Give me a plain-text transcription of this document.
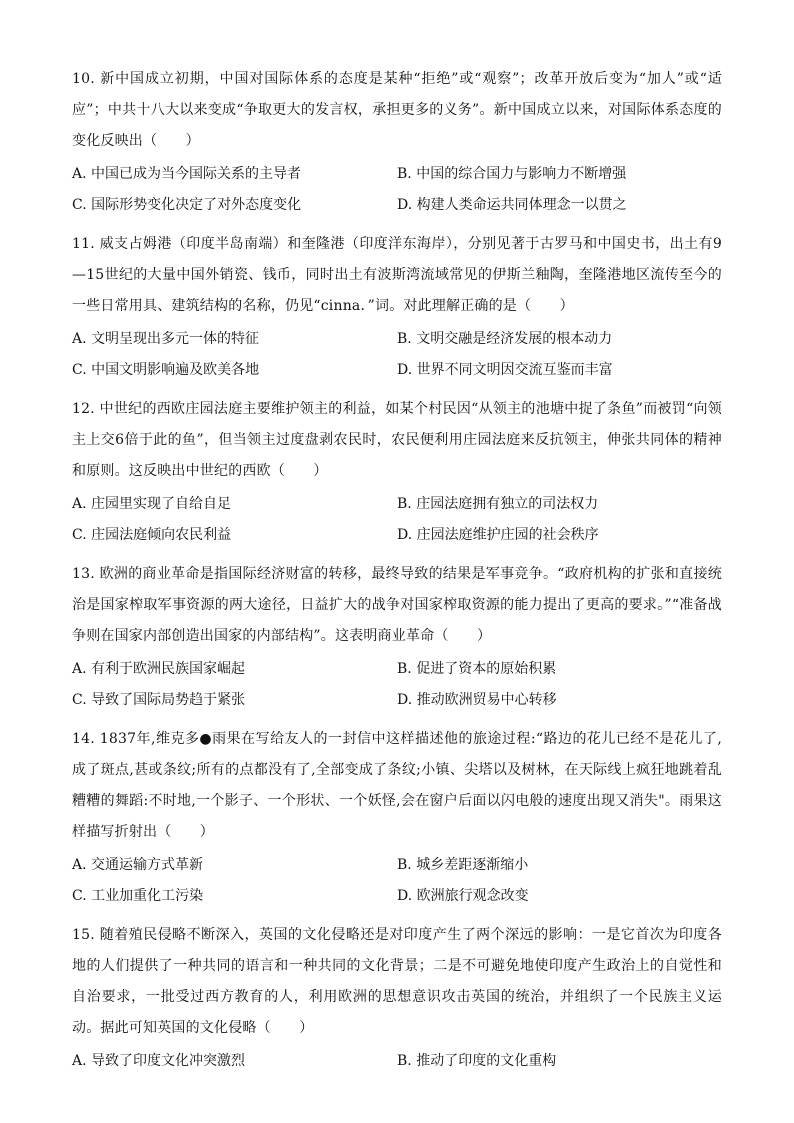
10. 新中国成立初期，中国对国际体系的态度是某种“拒绝”或“观察”；改革开放后变为“加人”或“适应”；中共十八大以来变成“争取更大的发言权，承担更多的义务”。新中国成立以来，对国际体系态度的变化反映出（　　）

A. 中国已成为当今国际关系的主导者	B. 中国的综合国力与影响力不断增强
C. 国际形势变化决定了对外态度变化	D. 构建人类命运共同体理念一以贯之

11. 威支占姆港（印度半岛南端）和奎隆港（印度洋东海岸），分别见著于古罗马和中国史书，出土有9—15世纪的大量中国外销瓷、钱币，同时出土有波斯湾流域常见的伊斯兰釉陶，奎隆港地区流传至今的一些日常用具、建筑结构的名称，仍见“cinna．”词。对此理解正确的是（　　）

A. 文明呈现出多元一体的特征	B. 文明交融是经济发展的根本动力
C. 中国文明影响遍及欧美各地	D. 世界不同文明因交流互鉴而丰富

12. 中世纪的西欧庄园法庭主要维护领主的利益，如某个村民因“从领主的池塘中捉了条鱼”而被罚“向领主上交6倍于此的鱼”，但当领主过度盘剥农民时，农民便利用庄园法庭来反抗领主，伸张共同体的精神和原则。这反映出中世纪的西欧（　　）

A. 庄园里实现了自给自足	B. 庄园法庭拥有独立的司法权力
C. 庄园法庭倾向农民利益	D. 庄园法庭维护庄园的社会秩序

13. 欧洲的商业革命是指国际经济财富的转移，最终导致的结果是军事竞争。“政府机构的扩张和直接统治是国家榨取军事资源的两大途径，日益扩大的战争对国家榨取资源的能力提出了更高的要求。”“准备战争则在国家内部创造出国家的内部结构”。这表明商业革命（　　）

A. 有利于欧洲民族国家崛起	B. 促进了资本的原始积累
C. 导致了国际局势趋于紧张	D. 推动欧洲贸易中心转移

14. 1837年,维克多●雨果在写给友人的一封信中这样描述他的旅途过程:“路边的花儿已经不是花儿了,成了斑点,甚或条纹;所有的点都没有了,全部变成了条纹;小镇、尖塔以及树林，在天际线上疯狂地跳着乱糟糟的舞蹈:不时地,一个影子、一个形状、一个妖怪,会在窗户后面以闪电般的速度出现又消失"。雨果这样描写折射出（　　）

A. 交通运输方式革新	B. 城乡差距逐渐缩小
C. 工业加重化工污染	D. 欧洲旅行观念改变

15. 随着殖民侵略不断深入，英国的文化侵略还是对印度产生了两个深远的影响：一是它首次为印度各地的人们提供了一种共同的语言和一种共同的文化背景；二是不可避免地使印度产生政治上的自觉性和自治要求，一批受过西方教育的人，利用欧洲的思想意识攻击英国的统治，并组织了一个民族主义运动。据此可知英国的文化侵略（　　）

A. 导致了印度文化冲突激烈	B. 推动了印度的文化重构
